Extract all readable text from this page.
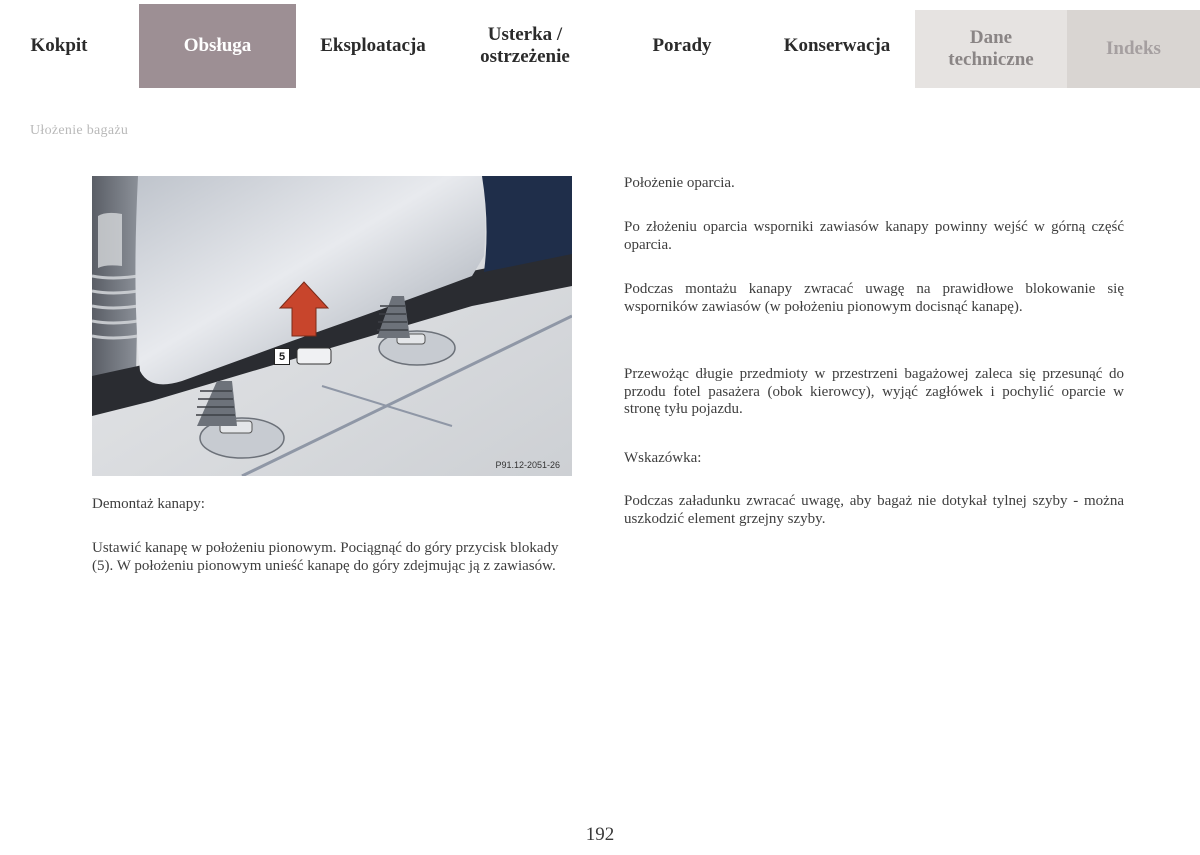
Kokpit	Obsługa	Eksploatacja
Usterka /
ostrzeżenie
Porady	Konserwacja	Dane
techniczne
Indeks
Ułożenie bagażu
5
P91.12-2051-26

Demontaż kanapy:

Ustawić kanapę w położeniu pionowym. Pociągnąć do góry przycisk blokady (5). W położeniu pionowym unieść kanapę do góry zdejmując ją z zawiasów.

Położenie oparcia.

Po złożeniu oparcia wsporniki zawiasów kanapy powinny wejść w górną część oparcia.

Podczas montażu kanapy zwracać uwagę na prawidłowe blokowanie się wsporników zawiasów (w położeniu pionowym docisnąć kanapę).

Przewożąc długie przedmioty w przestrzeni bagażowej zaleca się przesunąć do przodu fotel pasażera (obok kierowcy), wyjąć zagłówek i pochylić oparcie w stronę tyłu pojazdu.

Wskazówka:

Podczas załadunku zwracać uwagę, aby bagaż nie dotykał tylnej szyby - można uszkodzić element grzejny szyby.

192
